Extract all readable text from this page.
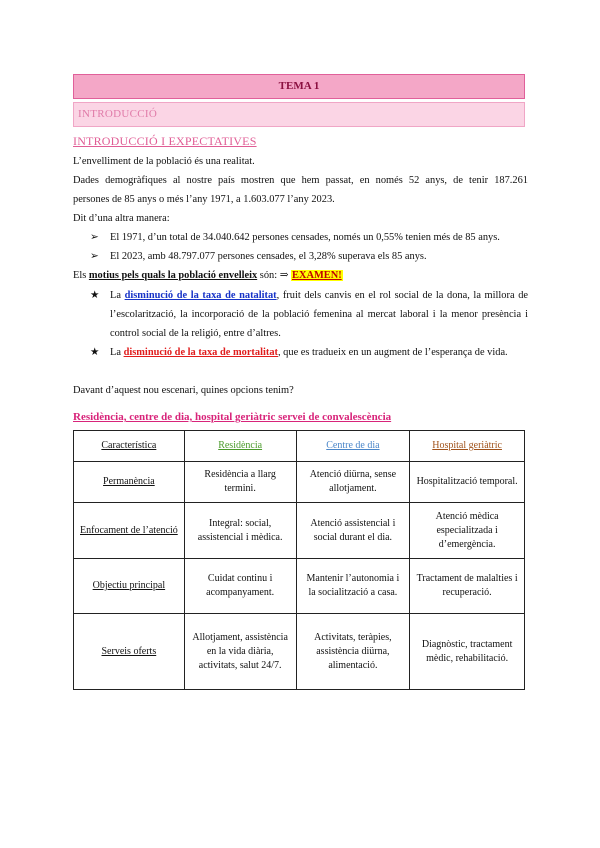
TEMA 1
INTRODUCCIÓ
INTRODUCCIÓ I EXPECTATIVES
L’envelliment de la població és una realitat.
Dades demogràfiques al nostre país mostren que hem passat, en només 52 anys, de tenir 187.261
persones de 85 anys o més l’any 1971, a 1.603.077 l’any 2023.
Dit d’una altra manera:
➢ El 1971, d’un total de 34.040.642 persones censades, només un 0,55% tenien més de 85 anys.
➢ El 2023, amb 48.797.077 persones censades, el 3,28% superava els 85 anys.
Els motius pels quals la població envelleix són: ⇒ EXAMEN!
★ La disminució de la taxa de natalitat, fruit dels canvis en el rol social de la dona, la millora de l’escolarització, la incorporació de la població femenina al mercat laboral i la menor presència i control social de la religió, entre d’altres.
★ La disminució de la taxa de mortalitat, que es tradueix en un augment de l’esperança de vida.
Davant d’aquest nou escenari, quines opcions tenim?
Residència, centre de dia, hospital geriàtric servei de convalescència
Característica	Residència	Centre de dia	Hospital geriàtric
Permanència	Residència a llarg termini.	Atenció diürna, sense allotjament.	Hospitalització temporal.
Enfocament de l’atenció	Integral: social, assistencial i mèdica.	Atenció assistencial i social durant el dia.	Atenció mèdica especialitzada i d’emergència.
Objectiu principal	Cuidat continu i acompanyament.	Mantenir l’autonomia i la socialització a casa.	Tractament de malalties i recuperació.
Serveis oferts	Allotjament, assistència en la vida diària, activitats, salut 24/7.	Activitats, teràpies, assistència diürna, alimentació.	Diagnòstic, tractament mèdic, rehabilitació.
